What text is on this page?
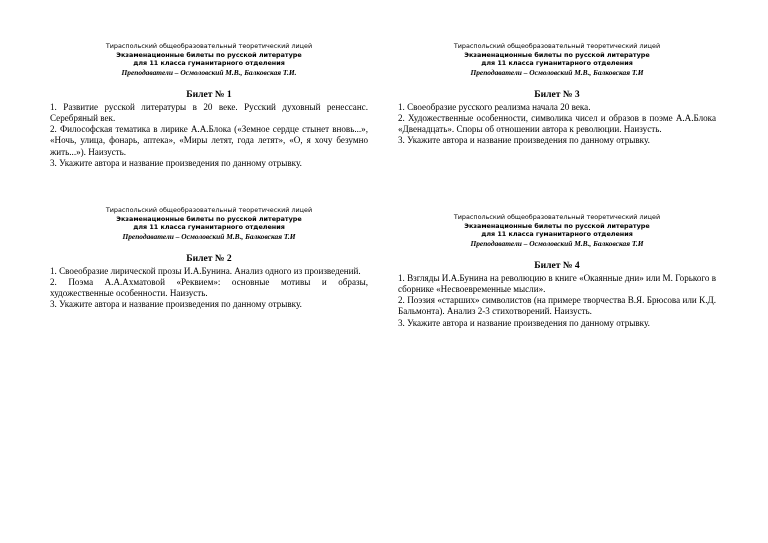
Тираспольский общеобразовательный теоретический лицей
Экзаменационные билеты по русской литературе
для 11 класса гуманитарного отделения
Преподаватели – Осмоловский М.В., Балковская Т.И.
Билет № 1

1. Развитие русской литературы в 20 веке. Русский духовный ренессанс. Серебряный век.

2. Философская тематика в лирике А.А.Блока («Земное сердце стынет вновь...», «Ночь, улица, фонарь, аптека», «Миры летят, года летят», «О, я хочу безумно жить...»). Наизусть.

3. Укажите автора и название произведения по данному отрывку.

Тираспольский общеобразовательный теоретический лицей
Экзаменационные билеты по русской литературе
для 11 класса гуманитарного отделения
Преподаватели – Осмоловский М.В., Балковская Т.И
Билет № 3

1. Своеобразие русского реализма начала 20 века.

2. Художественные особенности, символика чисел и образов в поэме А.А.Блока «Двенадцать». Споры об отношении автора к революции. Наизусть.

3. Укажите автора и название произведения по данному отрывку.

Тираспольский общеобразовательный теоретический лицей
Экзаменационные билеты по русской литературе
для 11 класса гуманитарного отделения
Преподаватели – Осмоловский М.В., Балковская Т.И
Билет № 2

1. Своеобразие лирической прозы И.А.Бунина. Анализ одного из произведений.

2. Поэма А.А.Ахматовой «Реквием»: основные мотивы и образы, художественные особенности. Наизусть.

3. Укажите автора и название произведения по данному отрывку.

Тираспольский общеобразовательный теоретический лицей
Экзаменационные билеты по русской литературе
для 11 класса гуманитарного отделения
Преподаватели – Осмоловский М.В., Балковская Т.И
Билет № 4

1. Взгляды И.А.Бунина на революцию в книге «Окаянные дни» или М. Горького в сборнике «Несвоевременные мысли».

2. Поэзия «старших» символистов (на примере творчества В.Я. Брюсова или К.Д. Бальмонта). Анализ 2-3 стихотворений. Наизусть.

3. Укажите автора и название произведения по данному отрывку.
